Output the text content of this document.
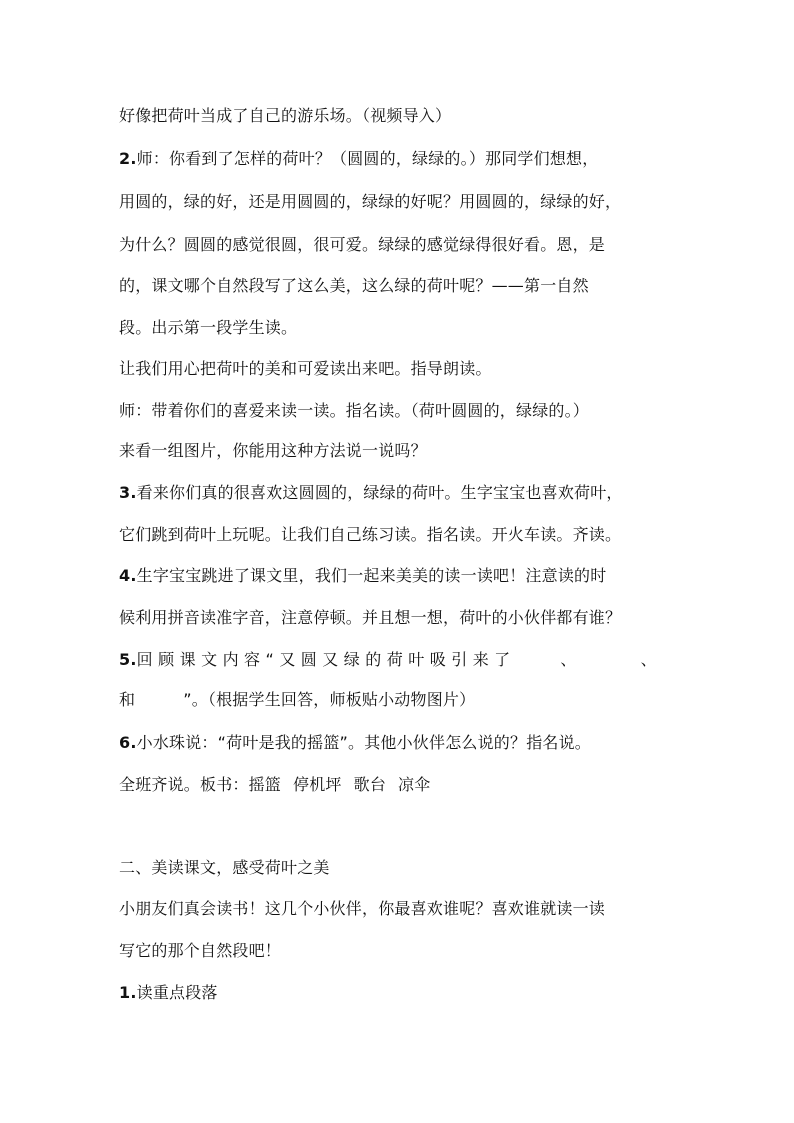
好像把荷叶当成了自己的游乐场。（视频导入）
2.师：你看到了怎样的荷叶？（圆圆的，绿绿的。）那同学们想想，
用圆的，绿的好，还是用圆圆的，绿绿的好呢？用圆圆的，绿绿的好，
为什么？圆圆的感觉很圆，很可爱。绿绿的感觉绿得很好看。恩，是
的，课文哪个自然段写了这么美，这么绿的荷叶呢？——第一自然
段。出示第一段学生读。
让我们用心把荷叶的美和可爱读出来吧。指导朗读。
师：带着你们的喜爱来读一读。指名读。（荷叶圆圆的，绿绿的。）
来看一组图片，你能用这种方法说一说吗？
3.看来你们真的很喜欢这圆圆的，绿绿的荷叶。生字宝宝也喜欢荷叶，
它们跳到荷叶上玩呢。让我们自己练习读。指名读。开火车读。齐读。
4.生字宝宝跳进了课文里，我们一起来美美的读一读吧！注意读的时
候利用拼音读准字音，注意停顿。并且想一想，荷叶的小伙伴都有谁？
5.回 顾 课 文 内 容 “ 又 圆 又 绿 的 荷 叶 吸 引 来 了	、	、
和	”。（根据学生回答，师板贴小动物图片）
6.小水珠说：“荷叶是我的摇篮”。其他小伙伴怎么说的？指名说。
全班齐说。板书：摇篮 停机坪 歌台 凉伞
二、美读课文，感受荷叶之美
小朋友们真会读书！这几个小伙伴，你最喜欢谁呢？喜欢谁就读一读
写它的那个自然段吧！
1.读重点段落
